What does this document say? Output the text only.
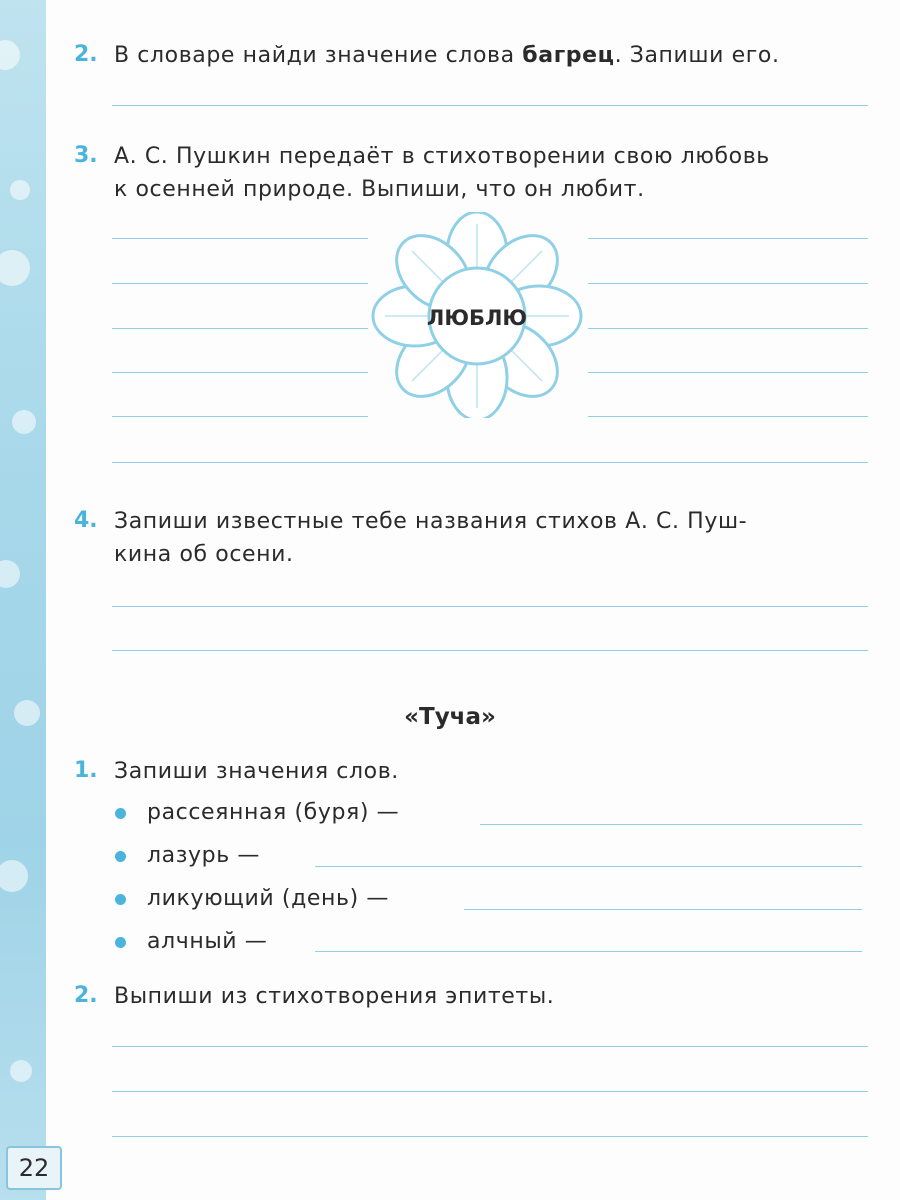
22
2. В словаре найди значение слова багрец. Запиши его.
3. А. С. Пушкин передаёт в стихотворении свою любовь
к осенней природе. Выпиши, что он любит.
ЛЮБЛЮ
4. Запиши известные тебе названия стихов А. С. Пуш-
кина об осени.
«Туча»
1. Запиши значения слов.
рассеянная (буря) —
лазурь —
ликующий (день) —
алчный —
2. Выпиши из стихотворения эпитеты.
